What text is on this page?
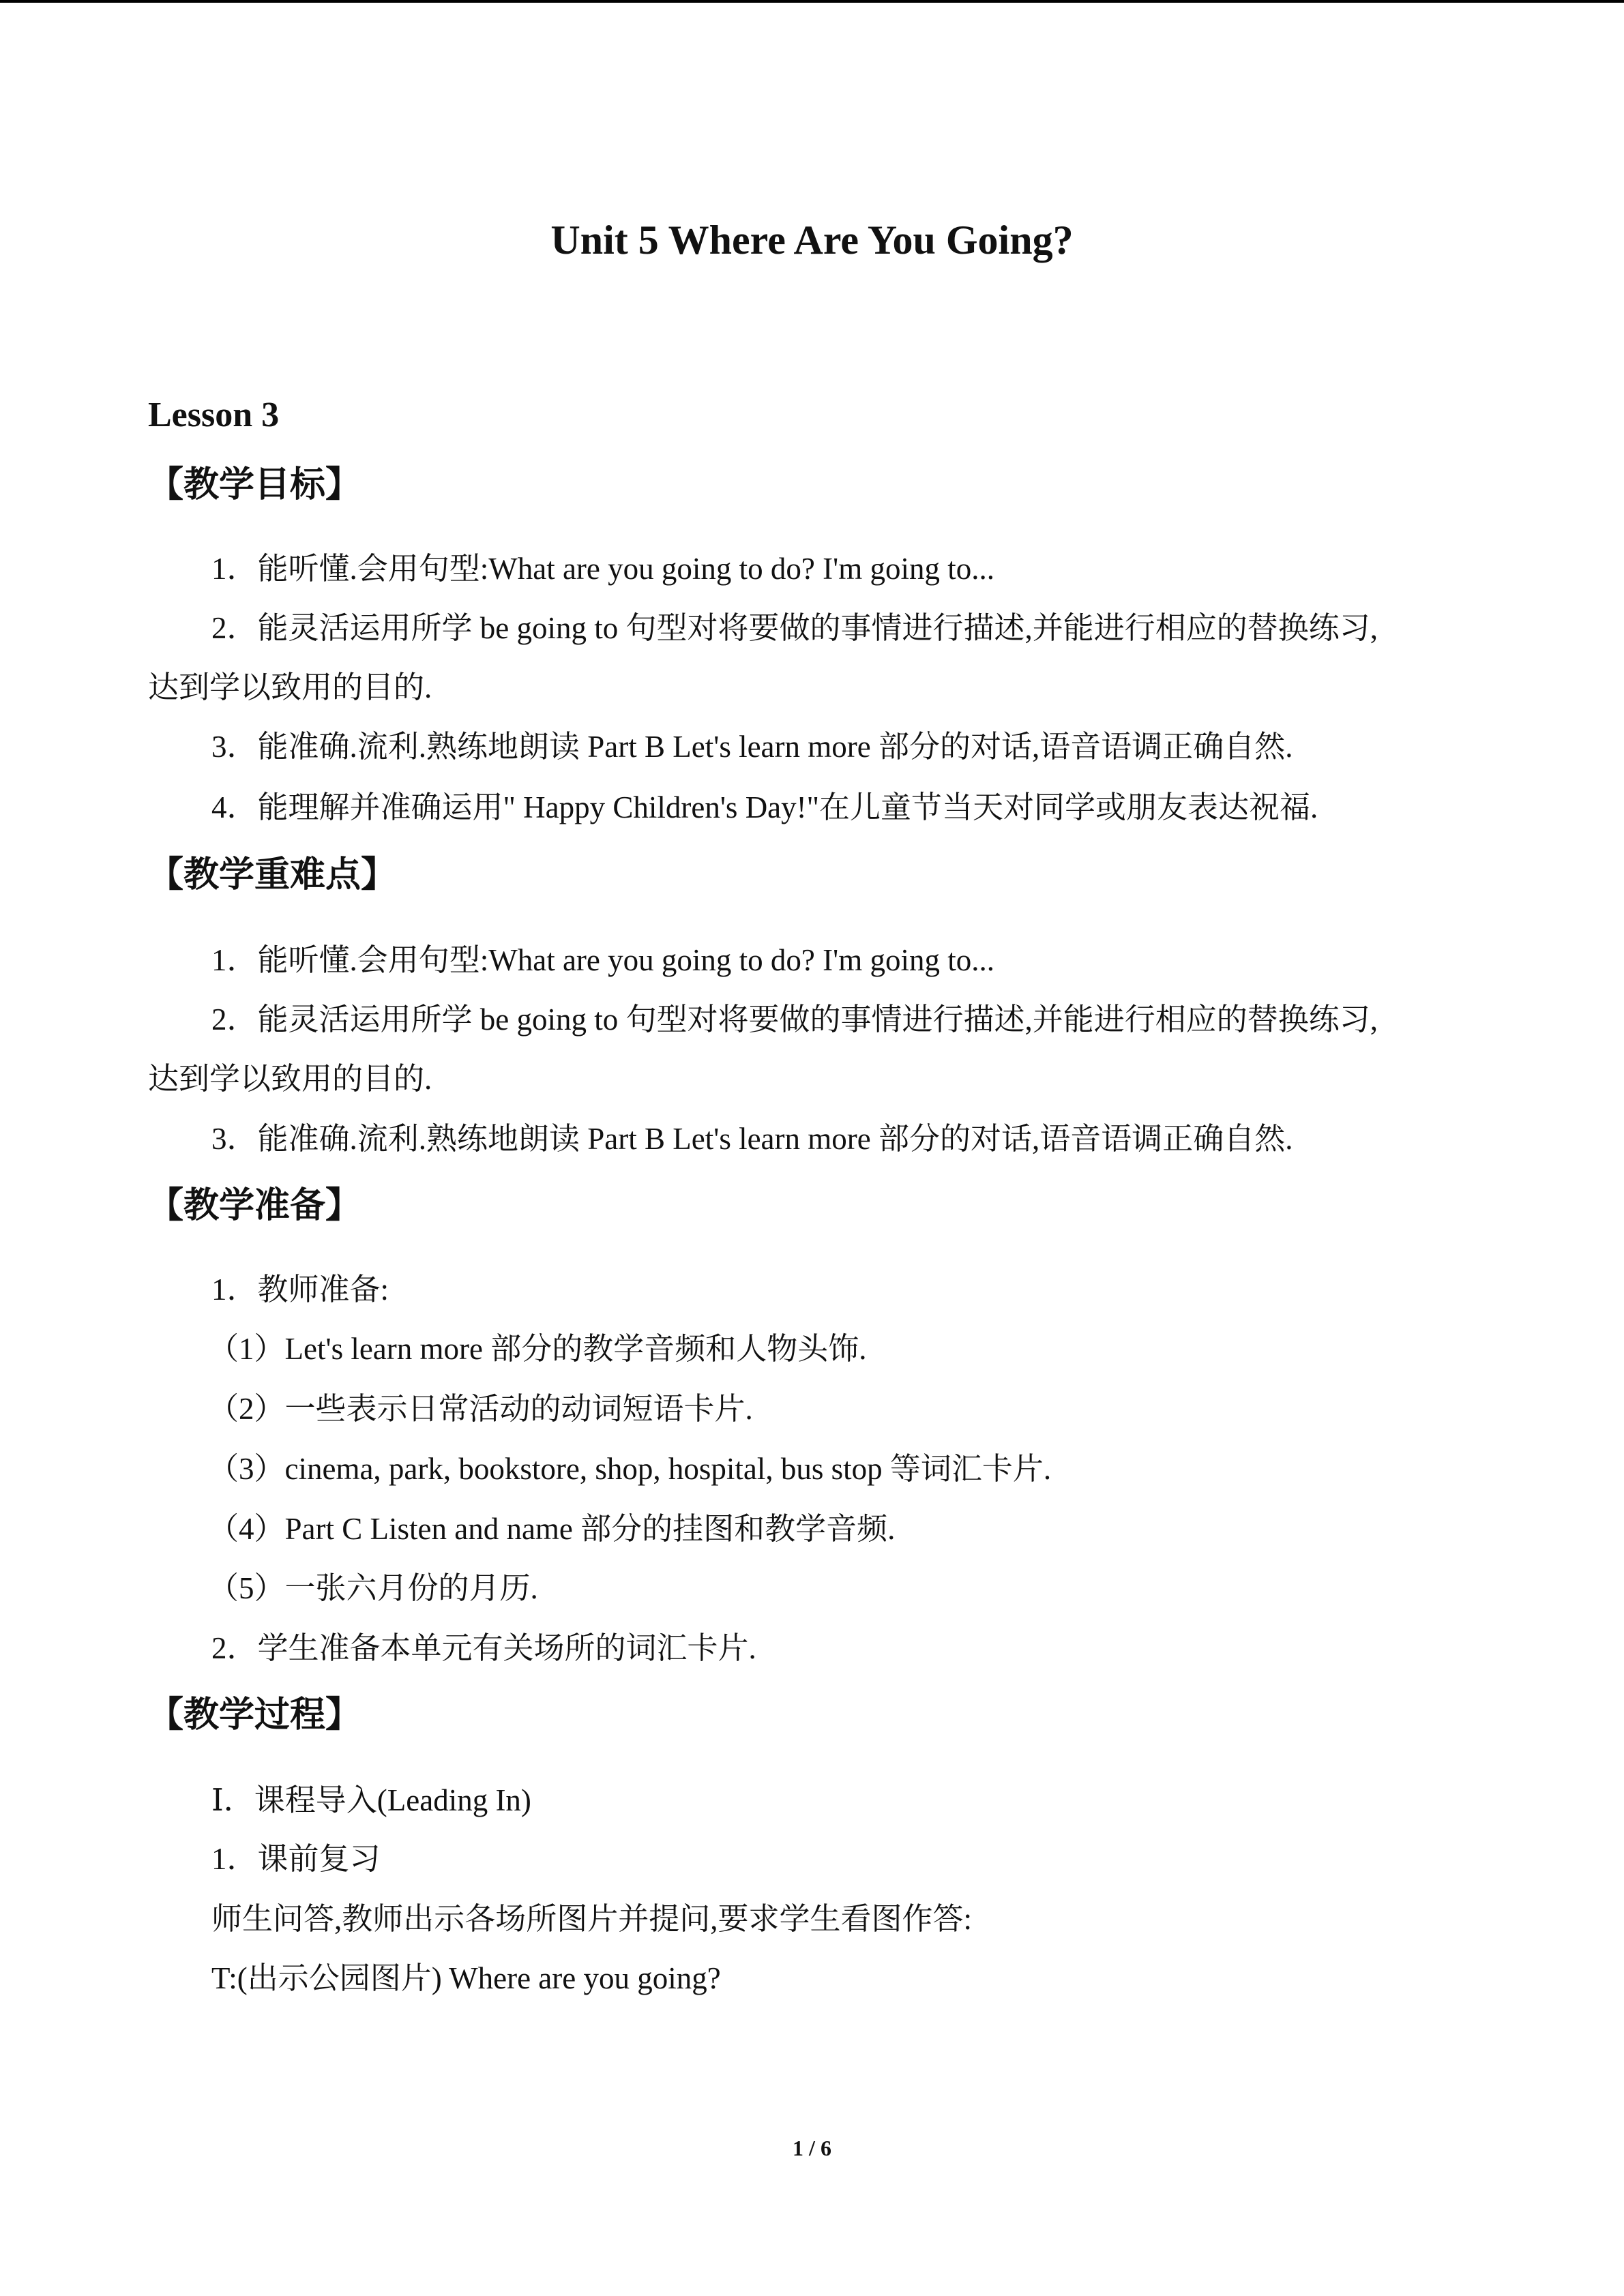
Unit 5 Where Are You Going?
Lesson 3
【教学目标】
1．能听懂.会用句型:What are you going to do? I'm going to...
2．能灵活运用所学 be going to 句型对将要做的事情进行描述,并能进行相应的替换练习,
达到学以致用的目的.
3．能准确.流利.熟练地朗读 Part B Let's learn more 部分的对话,语音语调正确自然.
4．能理解并准确运用" Happy Children's Day!"在儿童节当天对同学或朋友表达祝福.
【教学重难点】
1．能听懂.会用句型:What are you going to do? I'm going to...
2．能灵活运用所学 be going to 句型对将要做的事情进行描述,并能进行相应的替换练习,
达到学以致用的目的.
3．能准确.流利.熟练地朗读 Part B Let's learn more 部分的对话,语音语调正确自然.
【教学准备】
1．教师准备:
（1）Let's learn more 部分的教学音频和人物头饰.
（2）一些表示日常活动的动词短语卡片.
（3）cinema, park, bookstore, shop, hospital, bus stop 等词汇卡片.
（4）Part C Listen and name 部分的挂图和教学音频.
（5）一张六月份的月历.
2．学生准备本单元有关场所的词汇卡片.
【教学过程】
Ⅰ．课程导入(Leading In)
1．课前复习
师生问答,教师出示各场所图片并提问,要求学生看图作答:
T:(出示公园图片) Where are you going?
1 / 6
